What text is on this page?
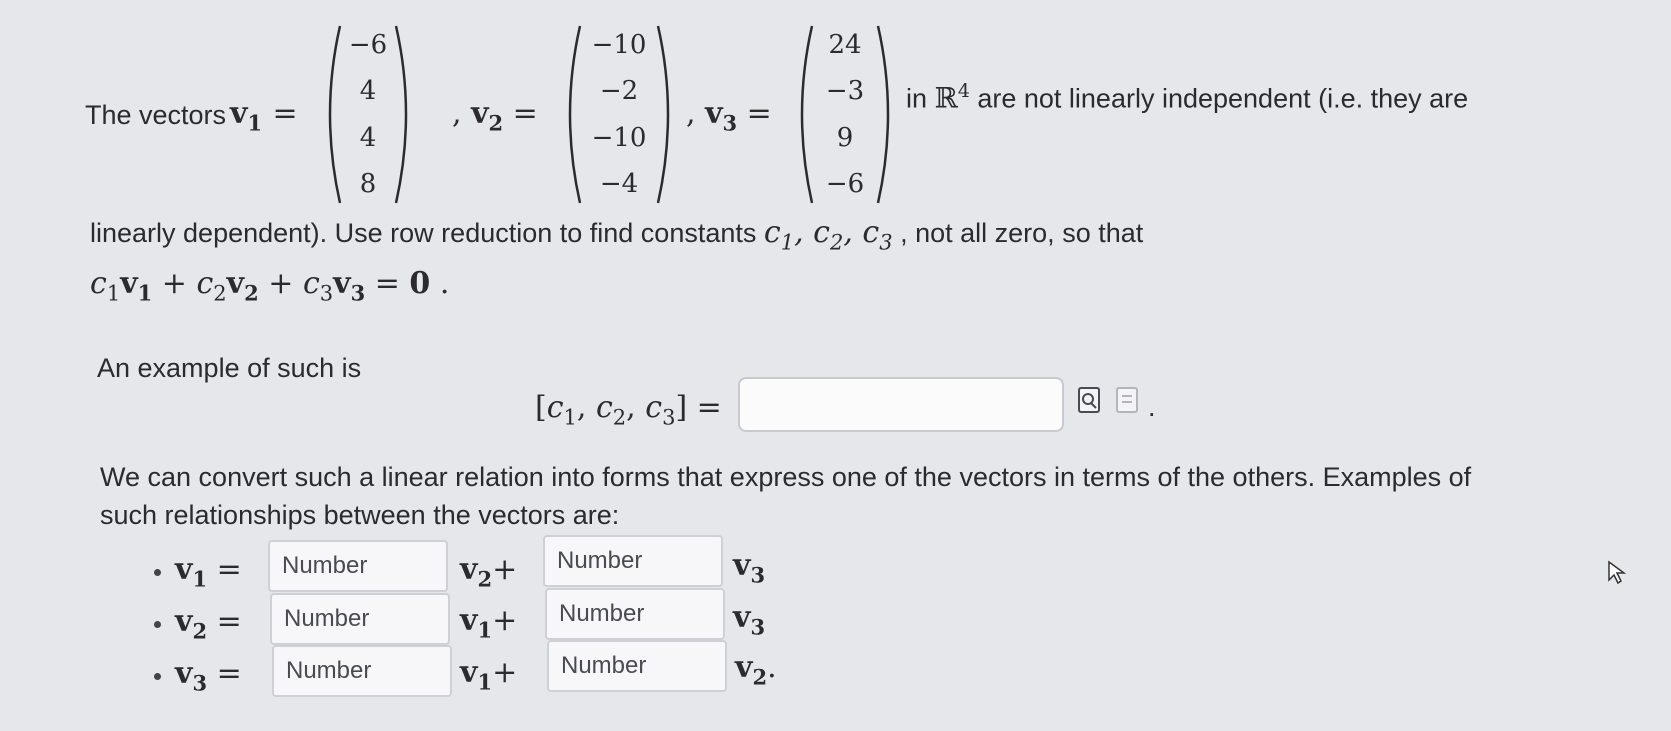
The vectors $v_1$ =
−6
4
4
8
, $v_2$ =
−10
−2
−10
−4
, $v_3$ =
24
−3
9
−6
in ℝ$^4$ are not linearly independent (i.e. they are
linearly dependent). Use row reduction to find constants $c_1$, $c_2$, $c_3$ , not all zero, so that
$c_1v_1 + c_2v_2 + c_3v_3 = 0$ .
An example of such is
[$c_1$, $c_2$, $c_3$] =	.
We can convert such a linear relation into forms that express one of the vectors in terms of the others. Examples of
such relationships between the vectors are:
$v_1$ =	Number	$v_2+$	Number	$v_3$
$v_2$ =	Number	$v_1+$	Number	$v_3$
$v_3$ =	Number	$v_1+$	Number	$v_2$.
